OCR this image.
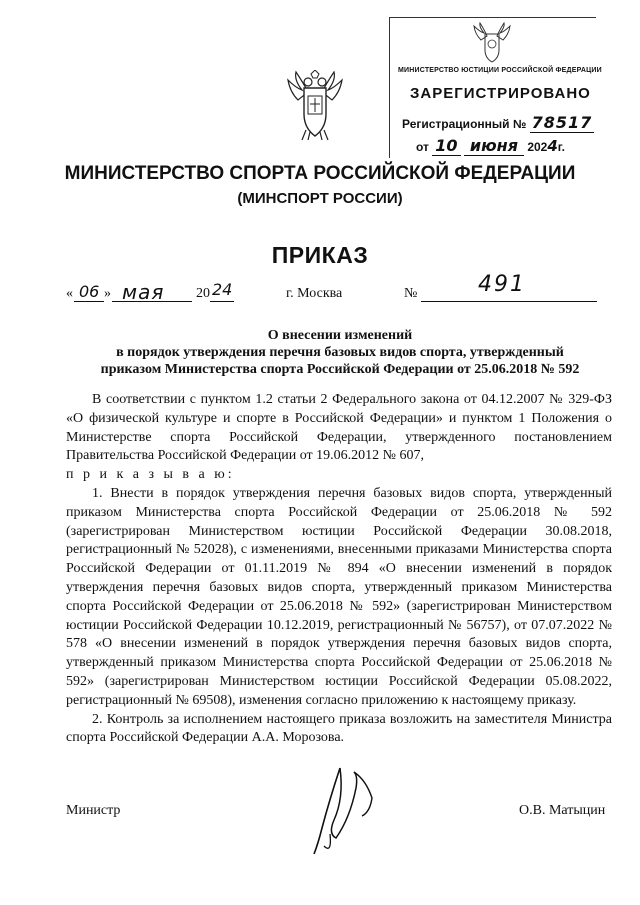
МИНИСТЕРСТВО ЮСТИЦИИ РОССИЙСКОЙ ФЕДЕРАЦИИ
ЗАРЕГИСТРИРОВАНО
Регистрационный № 78517
от 10 июня 2024г.
МИНИСТЕРСТВО СПОРТА РОССИЙСКОЙ ФЕДЕРАЦИИ
(МИНСПОРТ РОССИИ)
ПРИКАЗ
« 06 » мая 20 24	г. Москва	№	491
О внесении изменений
в порядок утверждения перечня базовых видов спорта, утвержденный
приказом Министерства спорта Российской Федерации от 25.06.2018 № 592

В соответствии с пунктом 1.2 статьи 2 Федерального закона от 04.12.2007 № 329-ФЗ «О физической культуре и спорте в Российской Федерации» и пунктом 1 Положения о Министерстве спорта Российской Федерации, утвержденного постановлением Правительства Российской Федерации от 19.06.2012 № 607,

п р и к а з ы в а ю:

1. Внести в порядок утверждения перечня базовых видов спорта, утвержденный приказом Министерства спорта Российской Федерации от 25.06.2018 № 592 (зарегистрирован Министерством юстиции Российской Федерации 30.08.2018, регистрационный № 52028), с изменениями, внесенными приказами Министерства спорта Российской Федерации от 01.11.2019 № 894 «О внесении изменений в порядок утверждения перечня базовых видов спорта, утвержденный приказом Министерства спорта Российской Федерации от 25.06.2018 № 592» (зарегистрирован Министерством юстиции Российской Федерации 10.12.2019, регистрационный № 56757), от 07.07.2022 № 578 «О внесении изменений в порядок утверждения перечня базовых видов спорта, утвержденный приказом Министерства спорта Российской Федерации от 25.06.2018 № 592» (зарегистрирован Министерством юстиции Российской Федерации 05.08.2022, регистрационный № 69508), изменения согласно приложению к настоящему приказу.

2. Контроль за исполнением настоящего приказа возложить на заместителя Министра спорта Российской Федерации А.А. Морозова.

Министр	О.В. Матыцин
